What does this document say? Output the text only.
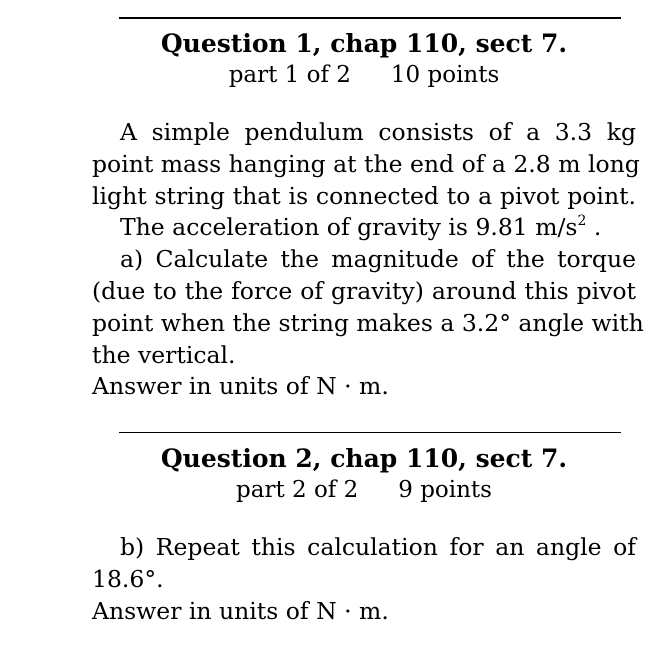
Question 1, chap 110, sect 7.
part 1 of 2 10 points
A simple pendulum consists of a 3.3 kg
point mass hanging at the end of a 2.8 m long
light string that is connected to a pivot point.
The acceleration of gravity is 9.81 $m/s^2$ .
a) Calculate the magnitude of the torque
(due to the force of gravity) around this pivot
point when the string makes a 3.2° angle with
the vertical.
Answer in units of N · m.
Question 2, chap 110, sect 7.
part 2 of 2 9 points
b) Repeat this calculation for an angle of
18.6°.
Answer in units of N · m.
